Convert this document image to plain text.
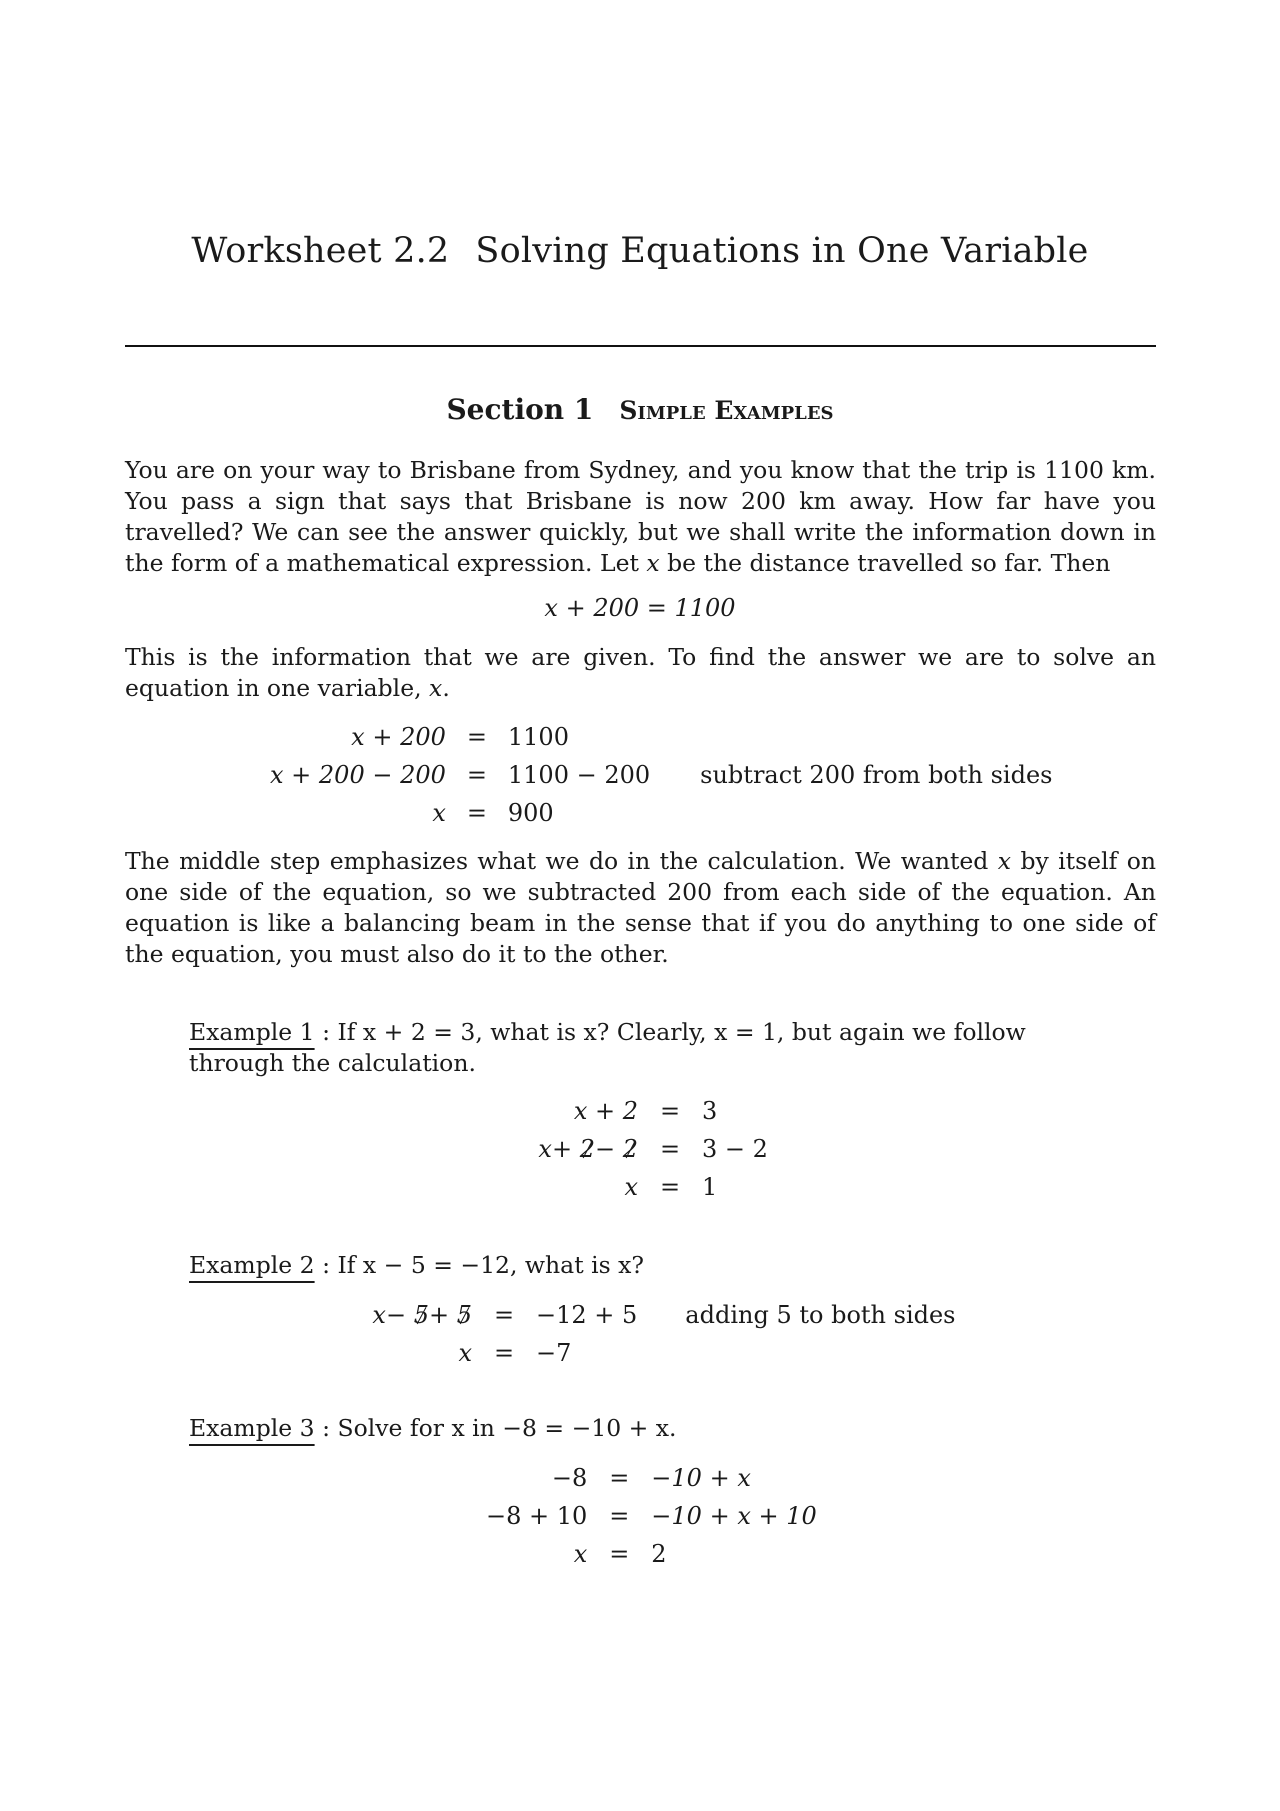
Worksheet 2.2 Solving Equations in One Variable
Section 1 Simple Examples

You are on your way to Brisbane from Sydney, and you know that the trip is 1100 km. You pass a sign that says that Brisbane is now 200 km away. How far have you travelled? We can see the answer quickly, but we shall write the information down in the form of a mathematical expression. Let x be the distance travelled so far. Then

x + 200 = 1100

This is the information that we are given. To find the answer we are to solve an equation in one variable, x.

x + 200	=	1100	
x + 200 − 200	=	1100 − 200	subtract 200 from both sides
x	=	900	

The middle step emphasizes what we do in the calculation. We wanted x by itself on one side of the equation, so we subtracted 200 from each side of the equation. An equation is like a balancing beam in the sense that if you do anything to one side of the equation, you must also do it to the other.

Example 1 : If x + 2 = 3, what is x? Clearly, x = 1, but again we follow through the calculation.
x + 2	=	3
x+ 2− 2	=	3 − 2
x	=	1
Example 2 : If x − 5 = −12, what is x?
x− 5+ 5	=	−12 + 5	adding 5 to both sides
x	=	−7	
Example 3 : Solve for x in −8 = −10 + x.
−8	=	−10 + x
−8 + 10	=	−10 + x + 10
x	=	2
